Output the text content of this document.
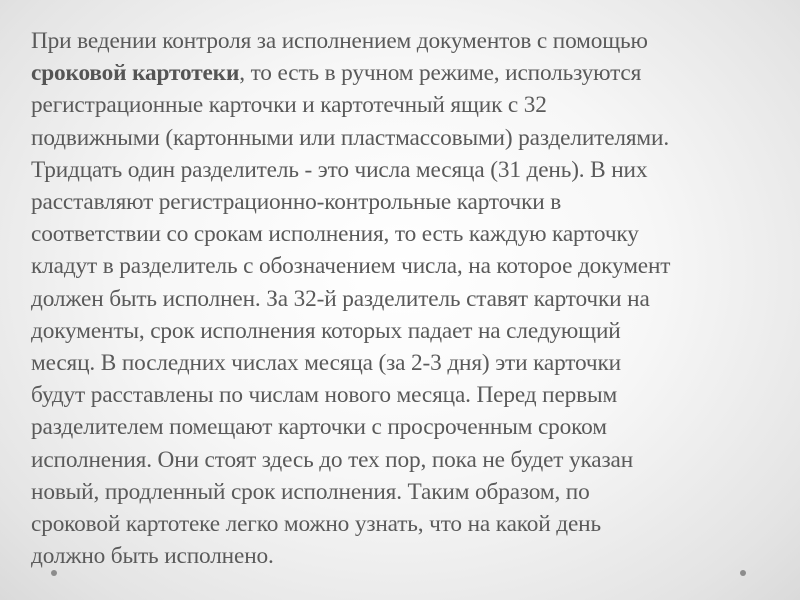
При ведении контроля за исполнением документов с помощью
сроковой картотеки, то есть в ручном режиме, используются
регистрационные карточки и картотечный ящик с 32
подвижными (картонными или пластмассовыми) разделителями.
Тридцать один разделитель - это числа месяца (31 день). В них
расставляют регистрационно-контрольные карточки в
соответствии со срокам исполнения, то есть каждую карточку
кладут в разделитель с обозначением числа, на которое документ
должен быть исполнен. За 32-й разделитель ставят карточки на
документы, срок исполнения которых падает на следующий
месяц. В последних числах месяца (за 2-3 дня) эти карточки
будут расставлены по числам нового месяца. Перед первым
разделителем помещают карточки с просроченным сроком
исполнения. Они стоят здесь до тех пор, пока не будет указан
новый, продленный срок исполнения. Таким образом, по
сроковой картотеке легко можно узнать, что на какой день
должно быть исполнено.
